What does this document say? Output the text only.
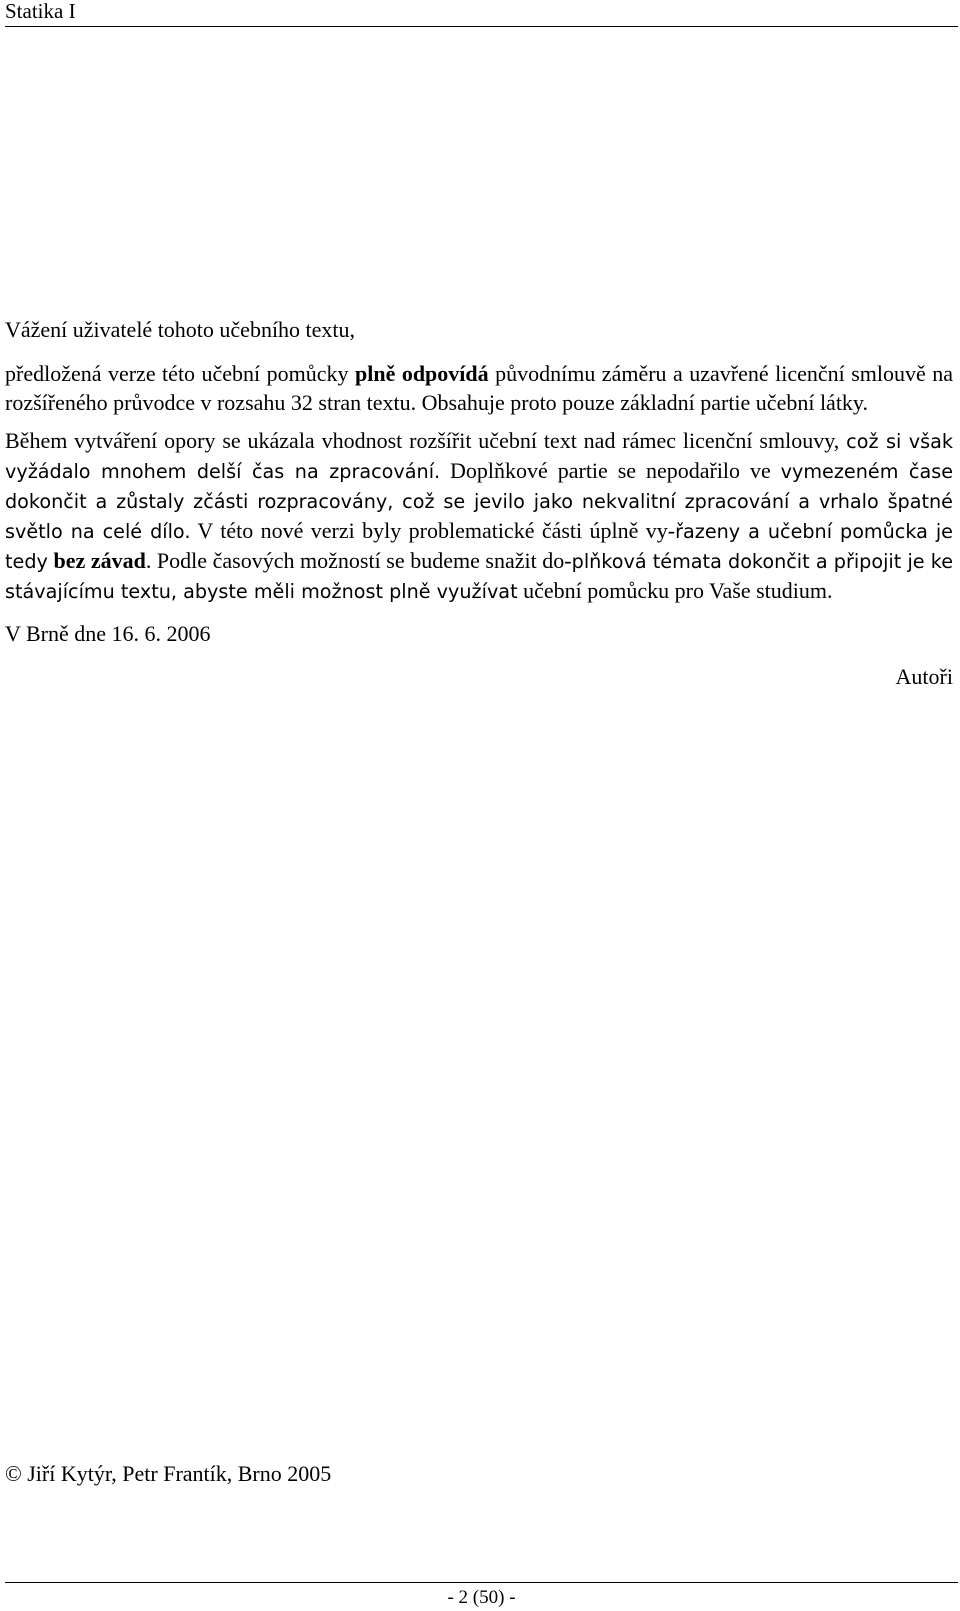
Statika I

Vážení uživatelé tohoto učebního textu,

předložená verze této učební pomůcky plně odpovídá původnímu záměru a uzavřené licenční smlouvě na rozšířeného průvodce v rozsahu 32 stran textu. Obsahuje proto pouze základní partie učební látky.

Během vytváření opory se ukázala vhodnost rozšířit učební text nad rámec licenční smlouvy, což si však vyžádalo mnohem delší čas na zpracování. Doplňkové partie se nepodařilo ve vymezeném čase dokončit a zůstaly zčásti rozpracovány, což se jevilo jako nekvalitní zpracování a vrhalo špatné světlo na celé dílo. V této nové verzi byly problematické části úplně vy-řazeny a učební pomůcka je tedy bez závad. Podle časových možností se budeme snažit do-plňková témata dokončit a připojit je ke stávajícímu textu, abyste měli možnost plně využívat učební pomůcku pro Vaše studium.

V Brně dne 16. 6. 2006

Autoři

© Jiří Kytýr, Petr Frantík, Brno 2005
- 2 (50) -
